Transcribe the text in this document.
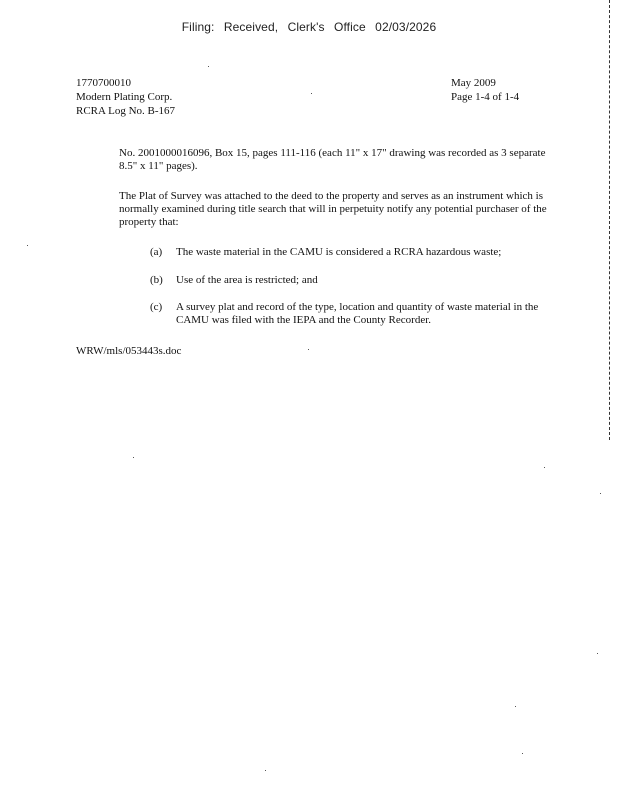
Filing: Received, Clerk's Office 02/03/2026
1770700010
Modern Plating Corp.
RCRA Log No. B-167
May 2009
Page 1-4 of 1-4
No. 2001000016096, Box 15, pages 111-116 (each 11" x 17" drawing was recorded as 3 separate 8.5" x 11" pages).
The Plat of Survey was attached to the deed to the property and serves as an instrument which is normally examined during title search that will in perpetuity notify any potential purchaser of the property that:
(a)	The waste material in the CAMU is considered a RCRA hazardous waste;
(b)	Use of the area is restricted; and
(c)	A survey plat and record of the type, location and quantity of waste material in the CAMU was filed with the IEPA and the County Recorder.
WRW/mls/053443s.doc
